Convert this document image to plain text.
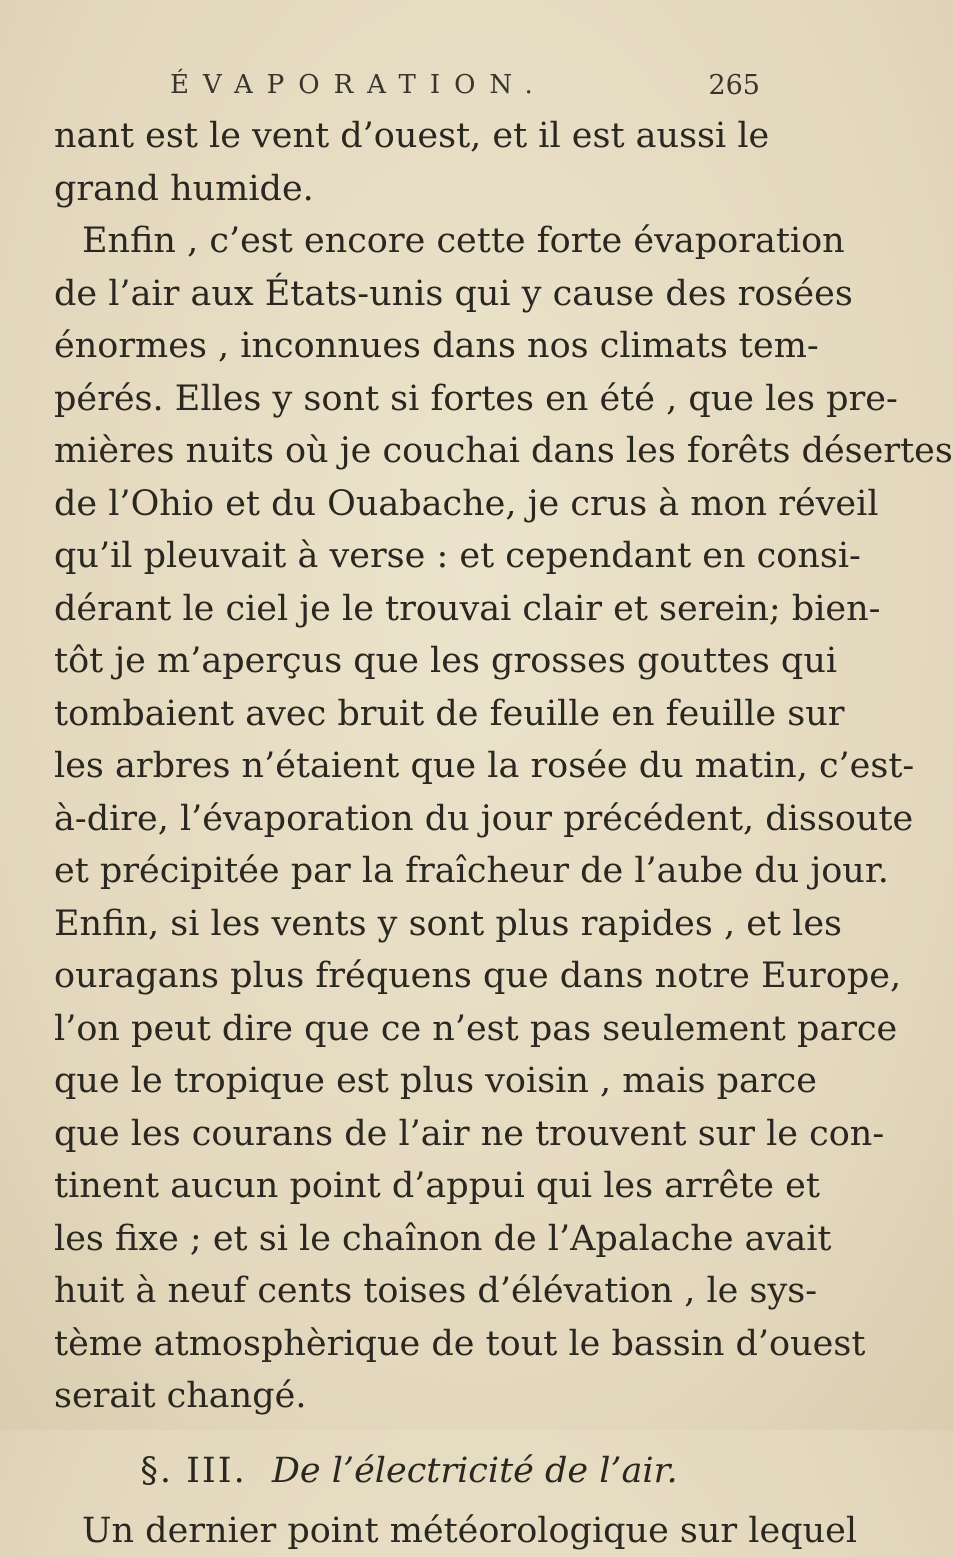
ÉVAPORATION.	265
nant est le vent d’ouest, et il est aussi le
grand humide.
Enfin , c’est encore cette forte évaporation
de l’air aux États-unis qui y cause des rosées
énormes , inconnues dans nos climats tem-
pérés. Elles y sont si fortes en été , que les pre-
mières nuits où je couchai dans les forêts désertes
de l’Ohio et du Ouabache, je crus à mon réveil
qu’il pleuvait à verse : et cependant en consi-
dérant le ciel je le trouvai clair et serein; bien-
tôt je m’aperçus que les grosses gouttes qui
tombaient avec bruit de feuille en feuille sur
les arbres n’étaient que la rosée du matin, c’est-
à-dire, l’évaporation du jour précédent, dissoute
et précipitée par la fraîcheur de l’aube du jour.
Enfin, si les vents y sont plus rapides , et les
ouragans plus fréquens que dans notre Europe,
l’on peut dire que ce n’est pas seulement parce
que le tropique est plus voisin , mais parce
que les courans de l’air ne trouvent sur le con-
tinent aucun point d’appui qui les arrête et
les fixe ; et si le chaînon de l’Apalache avait
huit à neuf cents toises d’élévation , le sys-
tème atmosphèrique de tout le bassin d’ouest
serait changé.
§. III. De l’électricité de l’air.
Un dernier point météorologique sur lequel
